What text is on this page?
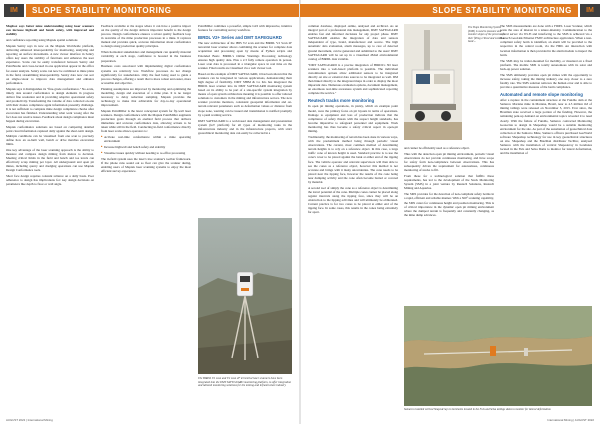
IM SLOPE STABILITY MONITORING

Mapbox says better mine understanding using laser scanners can increase highwall and bench safety, with improved and stability

and confidence reporting using Maptek spatial solutions

Maptek Sentry says in now on the Maptek Worldwide platform, delivering enhanced interoperability for monitoring, analysing and reporting on surface movements. A new viewer interface in Sentry offers key users the stability of functions and enhances the user experience. Scans can be easily transferred between Sentry and PointStudio and cross-located in one application appear in the office for easier analysis. Sentry scans can now be combined to mine plans in the field, streamlining interoperability. Sentry data now can sort on single-colour to improve data management and enhance performance.

Maptek says it distinguishes its "fine-grade conformance." No-scale, timely data around conformance to design elements in progress deliver fine resolution and in providing adaptive operational safety and productivity. Transforming the volume of data collected on-site with their drones compliance agent information presently challenge. It is not sufficient to complete mine design compliance checks after excavation has finished. Understanding what went wrong after the fact does not resolve issues. Feedback about design compliance must happen during excavation.

Maptek conformance solutions are based on comparing detailed point cloud information captured daily against the short-term design. Multiple conditions can be visualised from one scan to precisely define how an as-built wall, bench or drive matches excavation limits.

One key advantage of the laser scanning approach is the ability to measure and compare design mining from metres to decision. Meeting critical limits in the field and bench and toe levels can effectively scrap mining per layer. All underground and open pit mines, including quarry and dredging operations can use Maptek Design Conformance tools.

Short face design requires constant reliance on a daily basis. Poor adherence to design has implications for: key design decisions on parameters like depth to floor or wall angle.

Feedback available at the stages where it can have a positive impact on the quality of the design delivers important benefit to the design process. Design conformance ensures a robust quality feedback loop in real-time of the mine production processes in a mine. It replaces manual and provides quick, accurate information about conformance to design along production quality principles.

When horizontal stakeholders and management can quantify material variability at each stage, confidence is boosted in the business preparation.

Business costs associated with implementing digital conformance systems are relatively low. Workflow processes do not change significantly for stakeholders. Only the feed being used to guide a process changes, offering a result that is more robust and easier, more accessible and objective.

Planning assumptions are improved by monitoring and optimising the modelling, design and execution of a mine plan. It is no longer necessary to delay reduction sampling. Maptek provides the technology to make that achievable for day-to-day operational improvement.

Maptek PointMiller is the latest conceptual system for fly-wall laser scanners. Design conformance with the Maptek PointMiller augments production goals through an enabled field process that delivers immediate and accurate conformance data, allowing actions to be taken while still in the field. Conducting in-field conformance directly from laser scans allows operators to:

■ Activate real-time conformance within a mine operating environment

■ Increase highwall and bench safety and stability

■ Visualise issues quickly without needing to re-office processing

The in-field system uses the laser's true scanner's toolbar framework. If the phone runs sound out so fleet can give the scanner during, enabling users of Maptek laser scanning systems to enjoy the most efficient survey experience.

PointMiller combines a powerful, simple GUI with impressive, intuitive features for controlling survey workflow.

BIRDL V2+ Series and DMT SAFEGUARD

The new architecture of the IBIS V2 scan and the BIRDL V2 Scan 2F terrestrial laser scanner allows combining the scanner for complete data acquisition and processing open by means of Python scripts and Extended Basic. BIRDL's Online Warnings Processing technology ensures high quality data. Plus a 2.3 fully remote operation in person. Laser scan data is processed in a triangular space in real time on the scanner. Final results are visualised via a web viewer tool.

Based on the example of DMT SAFEGUARD, it has been shown that the scanners can be integrated in various applications, demonstrating their high degree of flexibility. DMT SHIM & Co KG has integrated the BIRDL laser scanner into its DMT SAFEGUARD monitoring system based on its ability to be part of a site-specific system integration by means of open system architecture meaning it is possible to offer tailored solutions to customers in the mining and infrastructure sectors. The new scanner provides monitors, consistent geospatial information and on-terrain relevant parameters such as deformation values or distance from slope zone, warning can be issued and transmission is notified promptly by a push warning service.

DMT SAFEGUARD is a web-based data management and presentation system (IoT platform) for all types of monitoring tasks in the infrastructure industry and in the infrastructure projects, with strict geotechnical monitoring data can easily be collected in a

The BIRDL V2 scan and V2 scan 2F terrestrial laser scanners have been integrated into the DMT SAFEGUARD monitoring platform, to offer integration and tailored monitoring solutions for the mining and infrastructure industry
AUGUST 2022 | International Mining
SLOPE STABILITY MONITORING IM

common database, displayed online, analysed and archived. As an integral part of a professional risk management, DMT SAFEGUARD enables fast and informed decisions for any project phase. DMT SAFEGUARD enables the integration of data and sensors independent of type, brand, manufacturer and source. The high automatic data evaluation, alarm messages, up to care of detected ground movement, can be generated and submitted to the users' DMT SAFEGUARD will be set up in a visualised dMAI environmental catalog of BIRDL data variable.

"DMT SAFEGUARD is a precise integration of BIRDL's 3D laser scanners into a web-based platform is possible. The individual customisation options allow additional sensors to be integrated directly on site or external data sources to be integrated as well. DM then linked directly to the integrated maps in order to display the most important data. Numerous evaluation options, document management, an enormous real-time awareness system and sophisticated reporting complete the service."

Reutech tracks more monitoring

In open pit mining operations, in plenty, which an example point model, were the primary focus on pit layouts in terms of operations. Damage to equipment and loss of production indicate that the compliance of safety threats with the respect height standards, has become imperative to safeguard personnel and equipment. Work monitoring has thus become a safety critical aspect in open-pit mining.

Traditionally, the monitoring of terrain has been done in various ways, with the predominant method being through periodic visual observations. The current, most common method of determining terrain heights is to rely on a reference object. In this case, a large traffic cone of known height is used. Standard practice is to use the cone's rover to be placed against the bank at either end of the tipping face. The vehicle operator and relevant supervisors will then able to see the cones as a reference object, however this method is not accurate and brings with it many uncertainties. The cone needs to be placed near the tipping face, however the results of the cone being near dumping activity and the cone often become buried or covered by material.

A second tool of simply the cone as a reference object is determining the travel potential of the cone. Multiple cones cannot be placed along regular intervals along the tipping face, since they will be an obstruction to the tipping activities and will ultimately be obliterated. Current practice is for two cones to be placed at either end of the tipping face. In some cases, this results in the cones being extremely far apart.

The Slope Monitoring System (SMS) is used to measure and monitor slopes of the process of their filling critical and switch a basic...

and cannot be efficiently used as a reference object.

Thus with the detection open pit mining environment, periodic visual observations do not provide continuous monitoring, and have scope for safety form non-compliance between observations. This has subsequently driven the requirement for autonomous, continuous monitoring of stacks to fill.

From these for a technological solution that fulfills these requirements, has led to the development of the Stack Monitoring System (SMS) in a joint venture by Reutech Solutions, Reutech Mining and Aquarius.

The SMS provides for the detection of non-compliant safety berms in a rapid, efficient and reliable manner. With a 360° scanning capability, the SMS caters for continuous height and position monitoring. This is of critical importance in the dynamic open pit mining environment where the dumped terrain is frequently and constantly changing, as the mine dump advances.

The SMS measurements are done with a FIDEL Laser Scanner, which scans the area of interest in a tenure-intensity. Communication to the central server via Wi-Fi and interfacing to the SMS is achieved via a Reutech GeoLink Ethernet FMW architecture application. When a non-compliant safety berm is identified, an alarm will be provided to the respective in the central room, via the HMI. An interaction with location information is then provided in the alarm module to inspect the berm.

The SMS may be trailer-mounted for mobility, or mounted on a fixed platform. The mobile SMS is totally autonomous with its solar and back-up power solution.

The SMS ultimately provides open pit mines with the opportunity to increase safety, taking the mining industry one step closer to a zero fatality rate. The SMS solution removes the human error and is able to provide a quantitative measure of the berm compliance.

Automated and remote slope monitoring

After a rupture in the containment structure at the Fundão dam at the Samarco Mariana mine in Mariana, Brazil, near to 4.5 million m3 of mining tailings were released on November 5, 2015. Ever since, the Brazilian state received a large portion of the funding. However, the remaining pent-up demand on environmental topics revealed it to need clearly. With the failure of Fundão, Samarco contracted Monitoring Geotecnia to design in Shapeshop would be a suitable monitoring environment for the site. As part of the automation of geotechnical data collection at the Samarco Mine, Samarco officers purchased GeoWorld software Shapeshop technology for use in key geotechnical structures on site. Shapeshop and the Brazilian distributor TecMac, analysed Samarco with the installation of vertical ShapeArray in boreholes located in the Fuls and Selsa Dams to monitor for lateral deformation, and the installation of

Samarco installed vertical ShapeArrays in boreholes located in the Fuls and Selsa tailings dams to monitor for lateral deformation
International Mining | AUGUST 2022
